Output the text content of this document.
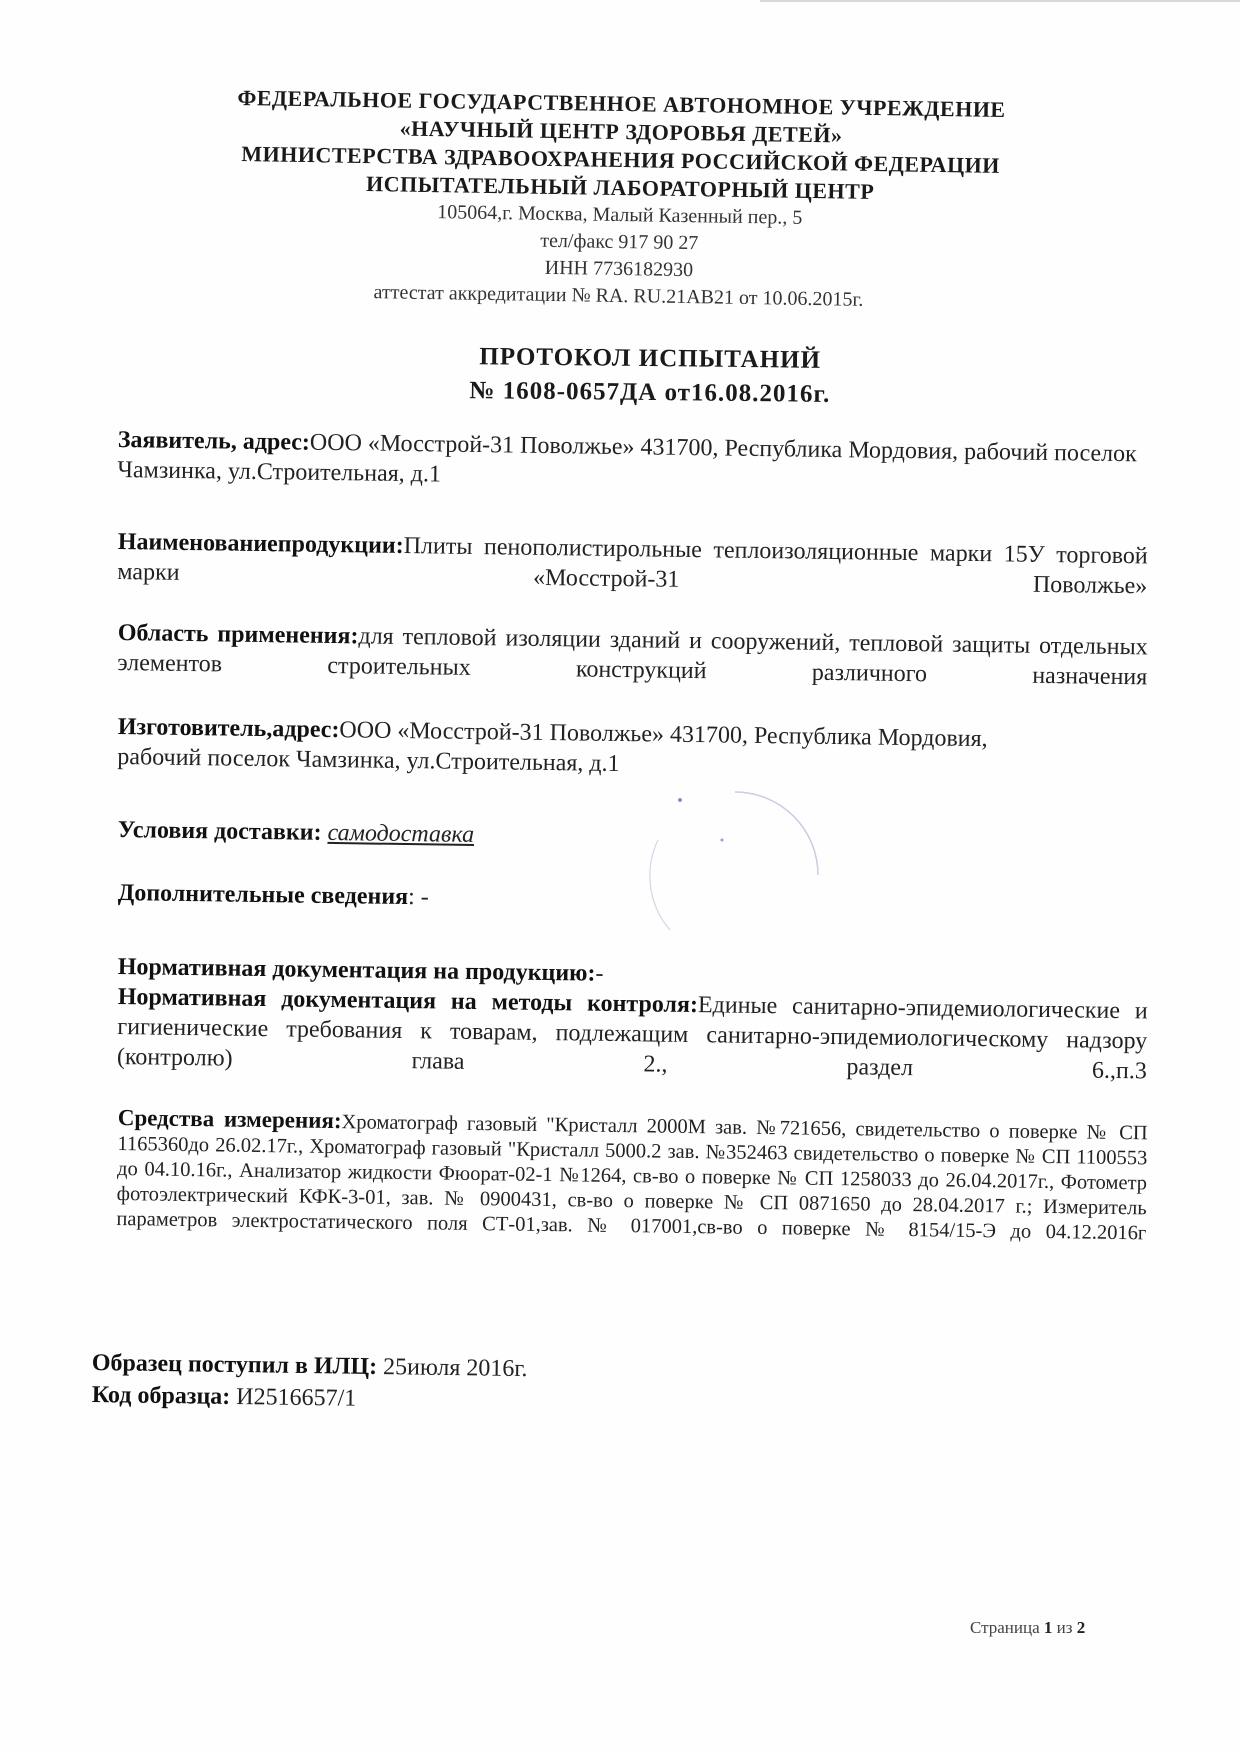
ФЕДЕРАЛЬНОЕ ГОСУДАРСТВЕННОЕ АВТОНОМНОЕ УЧРЕЖДЕНИЕ
«НАУЧНЫЙ ЦЕНТР ЗДОРОВЬЯ ДЕТЕЙ»
МИНИСТЕРСТВА ЗДРАВООХРАНЕНИЯ РОССИЙСКОЙ ФЕДЕРАЦИИ
ИСПЫТАТЕЛЬНЫЙ ЛАБОРАТОРНЫЙ ЦЕНТР
105064,г. Москва, Малый Казенный пер., 5
тел/факс 917 90 27
ИНН 7736182930
аттестат аккредитации № RA. RU.21AB21 от 10.06.2015г.
ПРОТОКОЛ ИСПЫТАНИЙ
№ 1608-0657ДА от16.08.2016г.
Заявитель, адрес:ООО «Мосстрой-31 Поволжье» 431700, Республика Мордовия, рабочий поселок Чамзинка, ул.Строительная, д.1
Наименованиепродукции:Плиты пенополистирольные теплоизоляционные марки 15У торговой марки «Мосстрой-31 Поволжье»
Область применения:для тепловой изоляции зданий и сооружений, тепловой защиты отдельных элементов строительных конструкций различного назначения
Изготовитель,адрес:ООО «Мосстрой-31 Поволжье» 431700, Республика Мордовия, рабочий поселок Чамзинка, ул.Строительная, д.1
Условия доставки: самодоставка
Дополнительные сведения: -
Нормативная документация на продукцию:-
Нормативная документация на методы контроля:Единые санитарно-эпидемиологические и гигиенические требования к товарам, подлежащим санитарно-эпидемиологическому надзору (контролю) глава 2., раздел 6.,п.3
Средства измерения:Хроматограф газовый "Кристалл 2000М зав. №721656, свидетельство о поверке № СП 1165360до 26.02.17г., Хроматограф газовый "Кристалл 5000.2 зав. №352463 свидетельство о поверке № СП 1100553 до 04.10.16г., Анализатор жидкости Фюорат-02-1 №1264, св-во о поверке № СП 1258033 до 26.04.2017г., Фотометр фотоэлектрический КФК-3-01, зав. № 0900431, св-во о поверке № СП 0871650 до 28.04.2017 г.; Измеритель параметров электростатического поля СТ-01,зав. № 017001,св-во о поверке № 8154/15-Э до 04.12.2016г
Образец поступил в ИЛЦ: 25июля 2016г.
Код образца: И2516657/1
Страница 1 из 2
